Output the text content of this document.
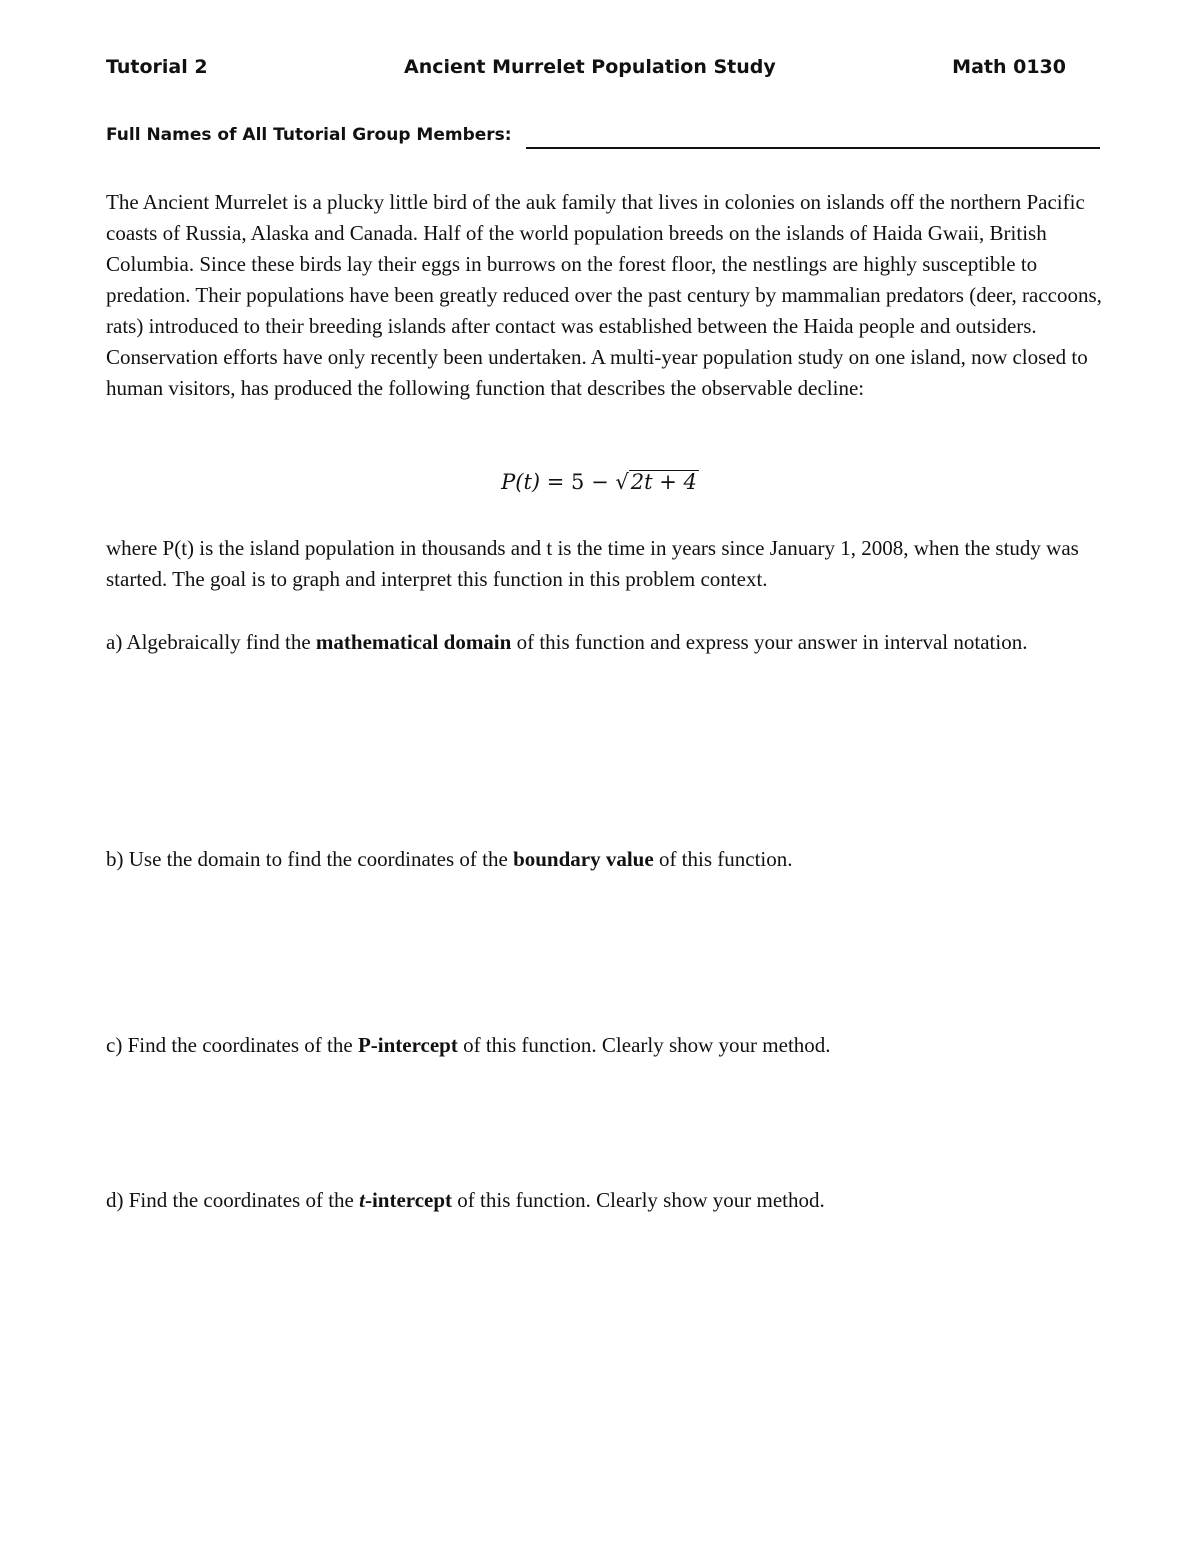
Tutorial 2	Ancient Murrelet Population Study	Math 0130
Full Names of All Tutorial Group Members:

The Ancient Murrelet is a plucky little bird of the auk family that lives in colonies on islands off the northern Pacific coasts of Russia, Alaska and Canada. Half of the world population breeds on the islands of Haida Gwaii, British Columbia. Since these birds lay their eggs in burrows on the forest floor, the nestlings are highly susceptible to predation. Their populations have been greatly reduced over the past century by mammalian predators (deer, raccoons, rats) introduced to their breeding islands after contact was established between the Haida people and outsiders. Conservation efforts have only recently been undertaken. A multi-year population study on one island, now closed to human visitors, has produced the following function that describes the observable decline:

P(t) = 5 − √2t + 4

where P(t) is the island population in thousands and t is the time in years since January 1, 2008, when the study was started. The goal is to graph and interpret this function in this problem context.

a) Algebraically find the mathematical domain of this function and express your answer in interval notation.

b) Use the domain to find the coordinates of the boundary value of this function.

c) Find the coordinates of the P-intercept of this function. Clearly show your method.

d) Find the coordinates of the t-intercept of this function. Clearly show your method.
